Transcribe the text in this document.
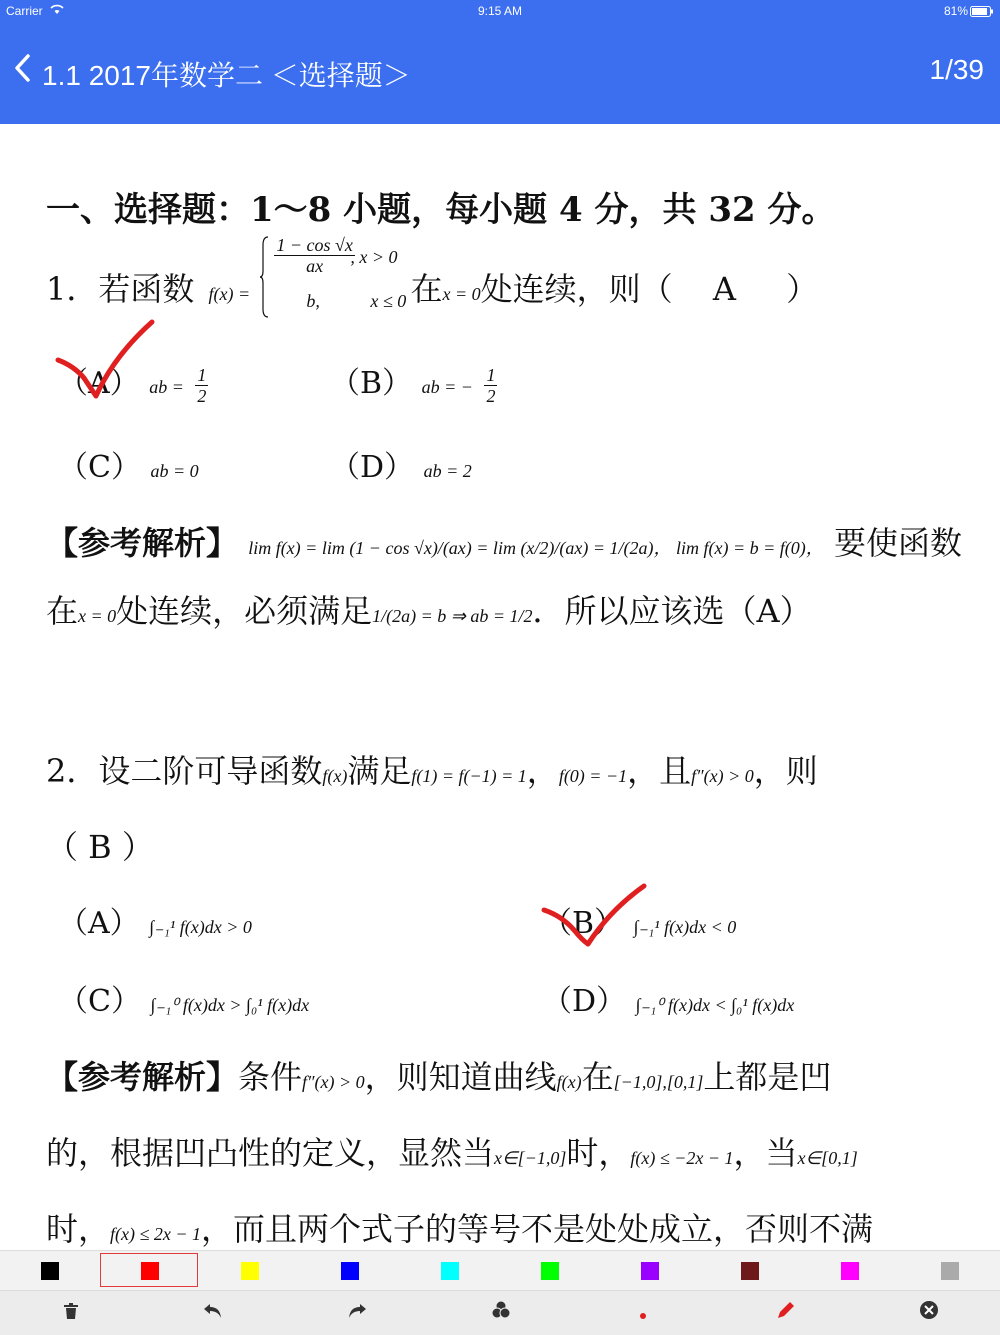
Carrier	9:15 AM	81%
1.1 2017年数学二 ＜选择题＞	1/39
一、选择题：1～8 小题，每小题 4 分，共 32 分。
1．若函数 f(x) =
$\frac{1 - \cos √x}{ax}$
, x > 0
b,	x ≤ 0 在x = 0处连续，则（ A ）
（A） ab = $\frac{1}{2}$	（B） ab = − $\frac{1}{2}$
（C） ab = 0	（D） ab = 2
【参考解析】 lim f(x) = lim (1 − cos √x)/(ax) = lim (x/2)/(ax) = 1/(2a)， lim f(x) = b = f(0)， 要使函数
在x = 0处连续，必须满足1/(2a) = b ⇒ ab = 1/2．所以应该选（A）
2．设二阶可导函数f(x)满足f(1) = f(−1) = 1，f(0) = −1，且f″(x) > 0，则
（ B ）
（A） ∫₋₁¹ f(x)dx > 0	（B） ∫₋₁¹ f(x)dx < 0
（C） ∫₋₁⁰ f(x)dx > ∫₀¹ f(x)dx	（D） ∫₋₁⁰ f(x)dx < ∫₀¹ f(x)dx
【参考解析】条件f″(x) > 0，则知道曲线f(x)在[−1,0],[0,1]上都是凹
的，根据凹凸性的定义，显然当x∈[−1,0]时，f(x) ≤ −2x − 1，当x∈[0,1]
时，f(x) ≤ 2x − 1，而且两个式子的等号不是处处成立，否则不满
